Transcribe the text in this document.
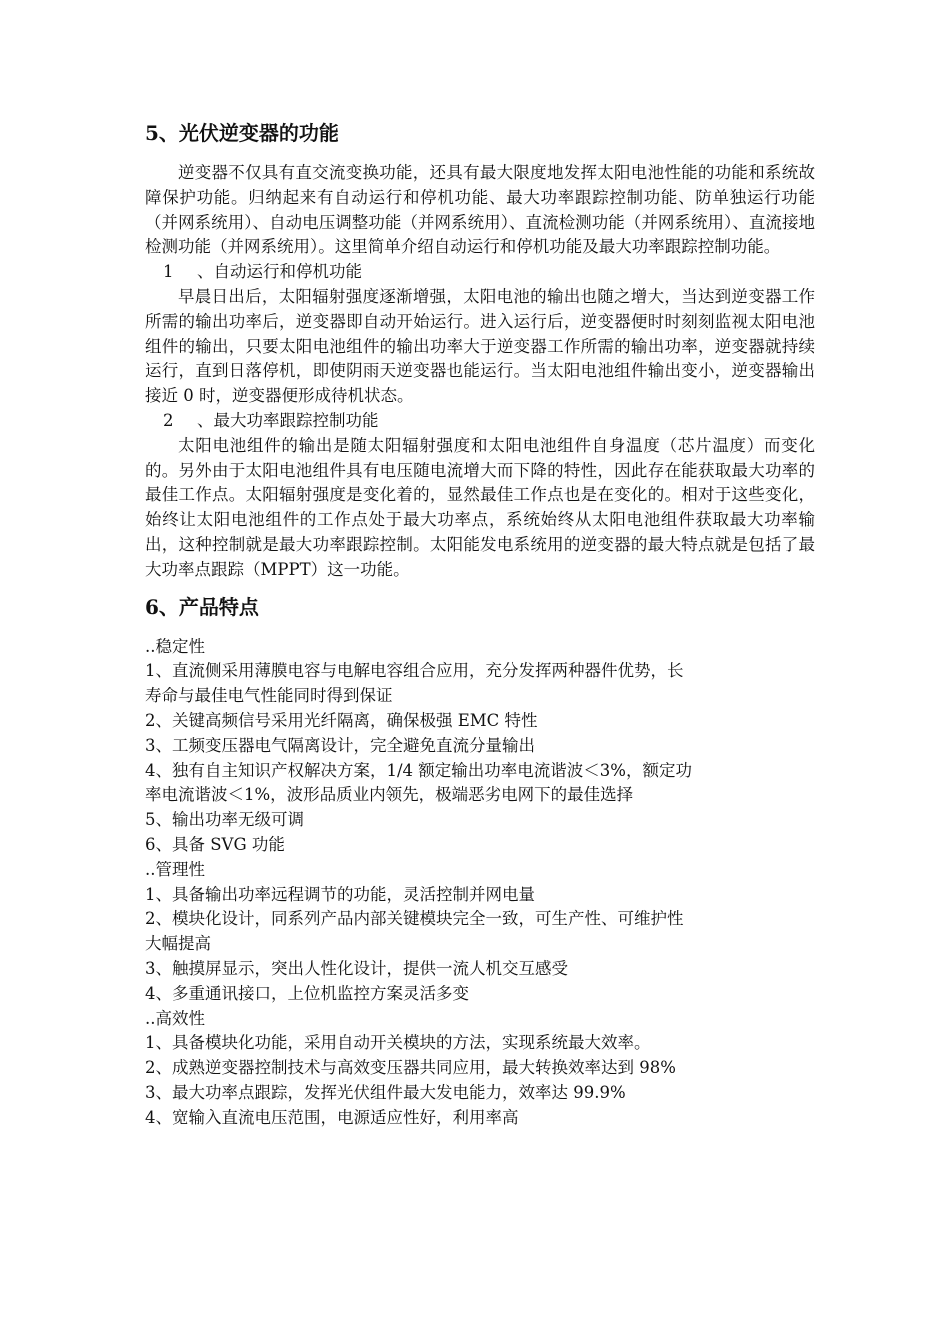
5、光伏逆变器的功能

逆变器不仅具有直交流变换功能，还具有最大限度地发挥太阳电池性能的功能和系统故障保护功能。归纳起来有自动运行和停机功能、最大功率跟踪控制功能、防单独运行功能（并网系统用）、自动电压调整功能（并网系统用）、直流检测功能（并网系统用）、直流接地检测功能（并网系统用）。这里简单介绍自动运行和停机功能及最大功率跟踪控制功能。

1 、自动运行和停机功能

早晨日出后，太阳辐射强度逐渐增强，太阳电池的输出也随之增大，当达到逆变器工作所需的输出功率后，逆变器即自动开始运行。进入运行后，逆变器便时时刻刻监视太阳电池组件的输出，只要太阳电池组件的输出功率大于逆变器工作所需的输出功率，逆变器就持续运行，直到日落停机，即使阴雨天逆变器也能运行。当太阳电池组件输出变小，逆变器输出接近 0 时，逆变器便形成待机状态。

2 、最大功率跟踪控制功能

太阳电池组件的输出是随太阳辐射强度和太阳电池组件自身温度（芯片温度）而变化的。另外由于太阳电池组件具有电压随电流增大而下降的特性，因此存在能获取最大功率的最佳工作点。太阳辐射强度是变化着的，显然最佳工作点也是在变化的。相对于这些变化，始终让太阳电池组件的工作点处于最大功率点，系统始终从太阳电池组件获取最大功率输出，这种控制就是最大功率跟踪控制。太阳能发电系统用的逆变器的最大特点就是包括了最大功率点跟踪（MPPT）这一功能。

6、产品特点

..稳定性

1、直流侧采用薄膜电容与电解电容组合应用，充分发挥两种器件优势，长

寿命与最佳电气性能同时得到保证

2、关键高频信号采用光纤隔离，确保极强 EMC 特性

3、工频变压器电气隔离设计，完全避免直流分量输出

4、独有自主知识产权解决方案，1/4 额定输出功率电流谐波＜3%，额定功

率电流谐波＜1%，波形品质业内领先，极端恶劣电网下的最佳选择

5、输出功率无级可调

6、具备 SVG 功能

..管理性

1、具备输出功率远程调节的功能，灵活控制并网电量

2、模块化设计，同系列产品内部关键模块完全一致，可生产性、可维护性

大幅提高

3、触摸屏显示，突出人性化设计，提供一流人机交互感受

4、多重通讯接口，上位机监控方案灵活多变

..高效性

1、具备模块化功能，采用自动开关模块的方法，实现系统最大效率。

2、成熟逆变器控制技术与高效变压器共同应用，最大转换效率达到 98%

3、最大功率点跟踪，发挥光伏组件最大发电能力，效率达 99.9%

4、宽输入直流电压范围，电源适应性好，利用率高
